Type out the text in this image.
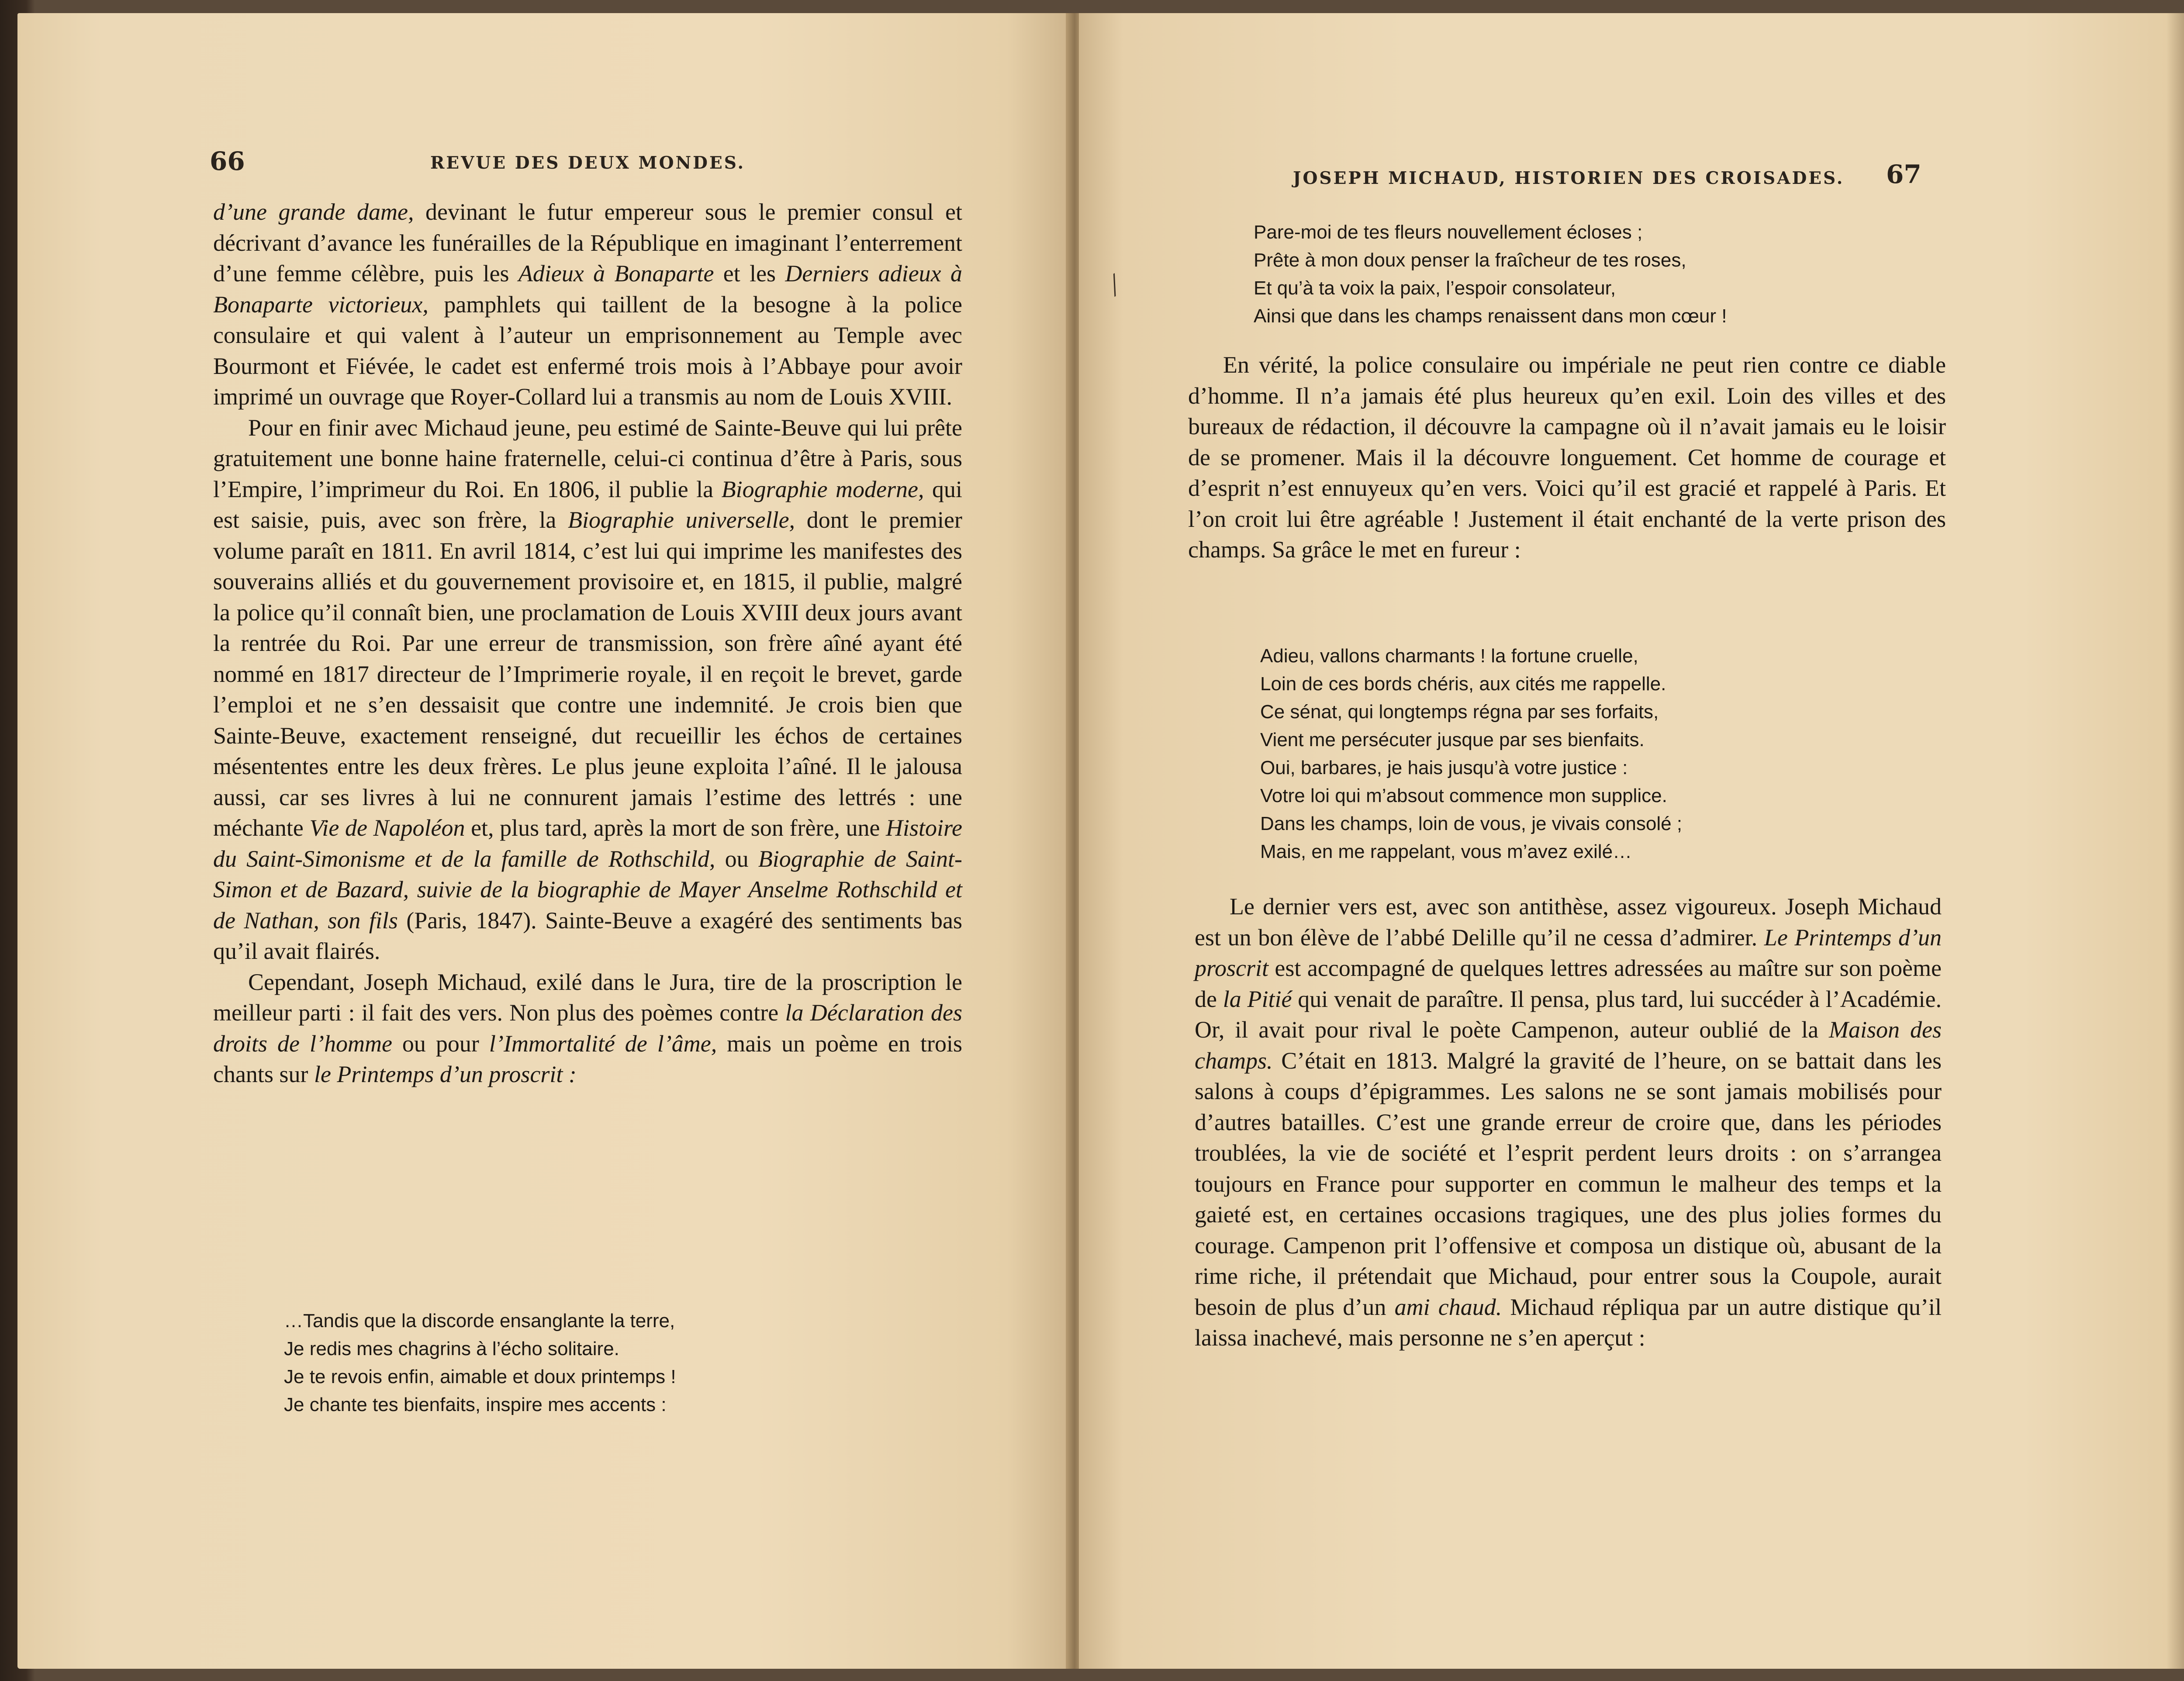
66	REVUE DES DEUX MONDES.

d’une grande dame, devinant le futur empereur sous le premier consul et décrivant d’avance les funérailles de la République en imaginant l’enterrement d’une femme célèbre, puis les Adieux à Bonaparte et les Derniers adieux à Bonaparte victorieux, pamphlets qui taillent de la besogne à la police consulaire et qui valent à l’auteur un emprisonnement au Temple avec Bourmont et Fiévée, le cadet est enfermé trois mois à l’Abbaye pour avoir imprimé un ouvrage que Royer-Collard lui a transmis au nom de Louis XVIII.

Pour en finir avec Michaud jeune, peu estimé de Sainte-Beuve qui lui prête gratuitement une bonne haine fraternelle, celui-ci continua d’être à Paris, sous l’Empire, l’imprimeur du Roi. En 1806, il publie la Biographie moderne, qui est saisie, puis, avec son frère, la Biographie universelle, dont le premier volume paraît en 1811. En avril 1814, c’est lui qui imprime les manifestes des souverains alliés et du gouvernement provisoire et, en 1815, il publie, malgré la police qu’il connaît bien, une proclamation de Louis XVIII deux jours avant la rentrée du Roi. Par une erreur de transmission, son frère aîné ayant été nommé en 1817 directeur de l’Imprimerie royale, il en reçoit le brevet, garde l’emploi et ne s’en dessaisit que contre une indemnité. Je crois bien que Sainte-Beuve, exactement renseigné, dut recueillir les échos de certaines mésententes entre les deux frères. Le plus jeune exploita l’aîné. Il le jalousa aussi, car ses livres à lui ne connurent jamais l’estime des lettrés : une méchante Vie de Napoléon et, plus tard, après la mort de son frère, une Histoire du Saint-Simonisme et de la famille de Rothschild, ou Biographie de Saint-Simon et de Bazard, suivie de la biographie de Mayer Anselme Rothschild et de Nathan, son fils (Paris, 1847). Sainte-Beuve a exagéré des sentiments bas qu’il avait flairés.

Cependant, Joseph Michaud, exilé dans le Jura, tire de la proscription le meilleur parti : il fait des vers. Non plus des poèmes contre la Déclaration des droits de l’homme ou pour l’Immortalité de l’âme, mais un poème en trois chants sur le Printemps d’un proscrit :

…Tandis que la discorde ensanglante la terre,
Je redis mes chagrins à l’écho solitaire.
Je te revois enfin, aimable et doux printemps !
Je chante tes bienfaits, inspire mes accents :
JOSEPH MICHAUD, HISTORIEN DES CROISADES. 67
Pare-moi de tes fleurs nouvellement écloses ;
Prête à mon doux penser la fraîcheur de tes roses,
Et qu’à ta voix la paix, l’espoir consolateur,
Ainsi que dans les champs renaissent dans mon cœur !

En vérité, la police consulaire ou impériale ne peut rien contre ce diable d’homme. Il n’a jamais été plus heureux qu’en exil. Loin des villes et des bureaux de rédaction, il découvre la campagne où il n’avait jamais eu le loisir de se promener. Mais il la découvre longuement. Cet homme de courage et d’esprit n’est ennuyeux qu’en vers. Voici qu’il est gracié et rappelé à Paris. Et l’on croit lui être agréable ! Justement il était enchanté de la verte prison des champs. Sa grâce le met en fureur :

Adieu, vallons charmants ! la fortune cruelle,
Loin de ces bords chéris, aux cités me rappelle.
Ce sénat, qui longtemps régna par ses forfaits,
Vient me persécuter jusque par ses bienfaits.
Oui, barbares, je hais jusqu’à votre justice :
Votre loi qui m’absout commence mon supplice.
Dans les champs, loin de vous, je vivais consolé ;
Mais, en me rappelant, vous m’avez exilé…

Le dernier vers est, avec son antithèse, assez vigoureux. Joseph Michaud est un bon élève de l’abbé Delille qu’il ne cessa d’admirer. Le Printemps d’un proscrit est accompagné de quelques lettres adressées au maître sur son poème de la Pitié qui venait de paraître. Il pensa, plus tard, lui succéder à l’Académie. Or, il avait pour rival le poète Campenon, auteur oublié de la Maison des champs. C’était en 1813. Malgré la gravité de l’heure, on se battait dans les salons à coups d’épigrammes. Les salons ne se sont jamais mobilisés pour d’autres batailles. C’est une grande erreur de croire que, dans les périodes troublées, la vie de société et l’esprit perdent leurs droits : on s’arrangea toujours en France pour supporter en commun le malheur des temps et la gaieté est, en certaines occasions tragiques, une des plus jolies formes du courage. Campenon prit l’offensive et composa un distique où, abusant de la rime riche, il prétendait que Michaud, pour entrer sous la Coupole, aurait besoin de plus d’un ami chaud. Michaud répliqua par un autre distique qu’il laissa inachevé, mais personne ne s’en aperçut :

╱
